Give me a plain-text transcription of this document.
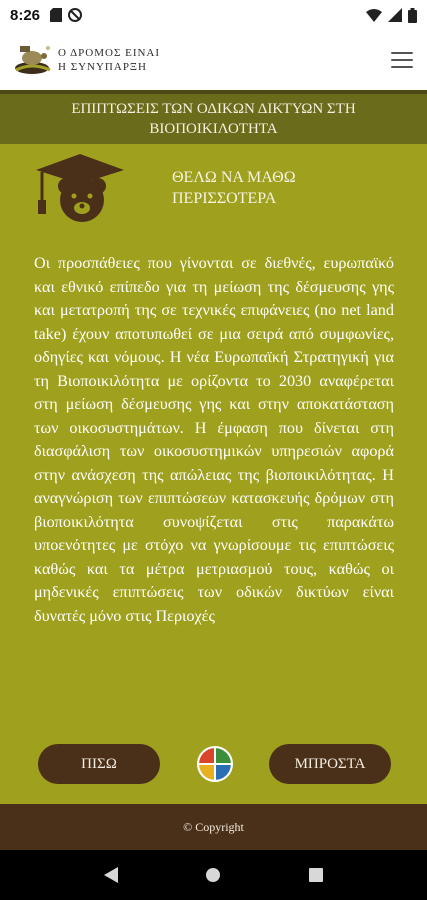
8:26
Ο ΔΡΟΜΟΣ ΕΙΝΑΙ
Η ΣΥΝΥΠΑΡΞΗ
ΕΠΙΠΤΩΣΕΙΣ ΤΩΝ ΟΔΙΚΩΝ ΔΙΚΤΥΩΝ ΣΤΗ ΒΙΟΠΟΙΚΙΛΟΤΗΤΑ
ΘΕΛΩ ΝΑ ΜΑΘΩ ΠΕΡΙΣΣΟΤΕΡΑ
Οι προσπάθειες που γίνονται σε διεθνές, ευρωπαϊκό και εθνικό επίπεδο για τη μείωση της δέσμευσης γης και μετατροπή της σε τεχνικές επιφάνειες (no net land take) έχουν αποτυπωθεί σε μια σειρά από συμφωνίες, οδηγίες και νόμους. Η νέα Ευρωπαϊκή Στρατηγική για τη Βιοποικιλότητα με ορίζοντα το 2030 αναφέρεται στη μείωση δέσμευσης γης και στην αποκατάσταση των οικοσυστημάτων. Η έμφαση που δίνεται στη διασφάλιση των οικοσυστημικών υπηρεσιών αφορά στην ανάσχεση της απώλειας της βιοποικιλότητας. Η αναγνώριση των επιπτώσεων κατασκευής δρόμων στη βιοποικιλότητα συνοψίζεται στις παρακάτω υποενότητες με στόχο να γνωρίσουμε τις επιπτώσεις καθώς και τα μέτρα μετριασμού τους, καθώς οι μηδενικές επιπτώσεις των οδικών δικτύων είναι δυνατές μόνο στις Περιοχές
ΠΙΣΩ	ΜΠΡΟΣΤΑ
© Copyright
